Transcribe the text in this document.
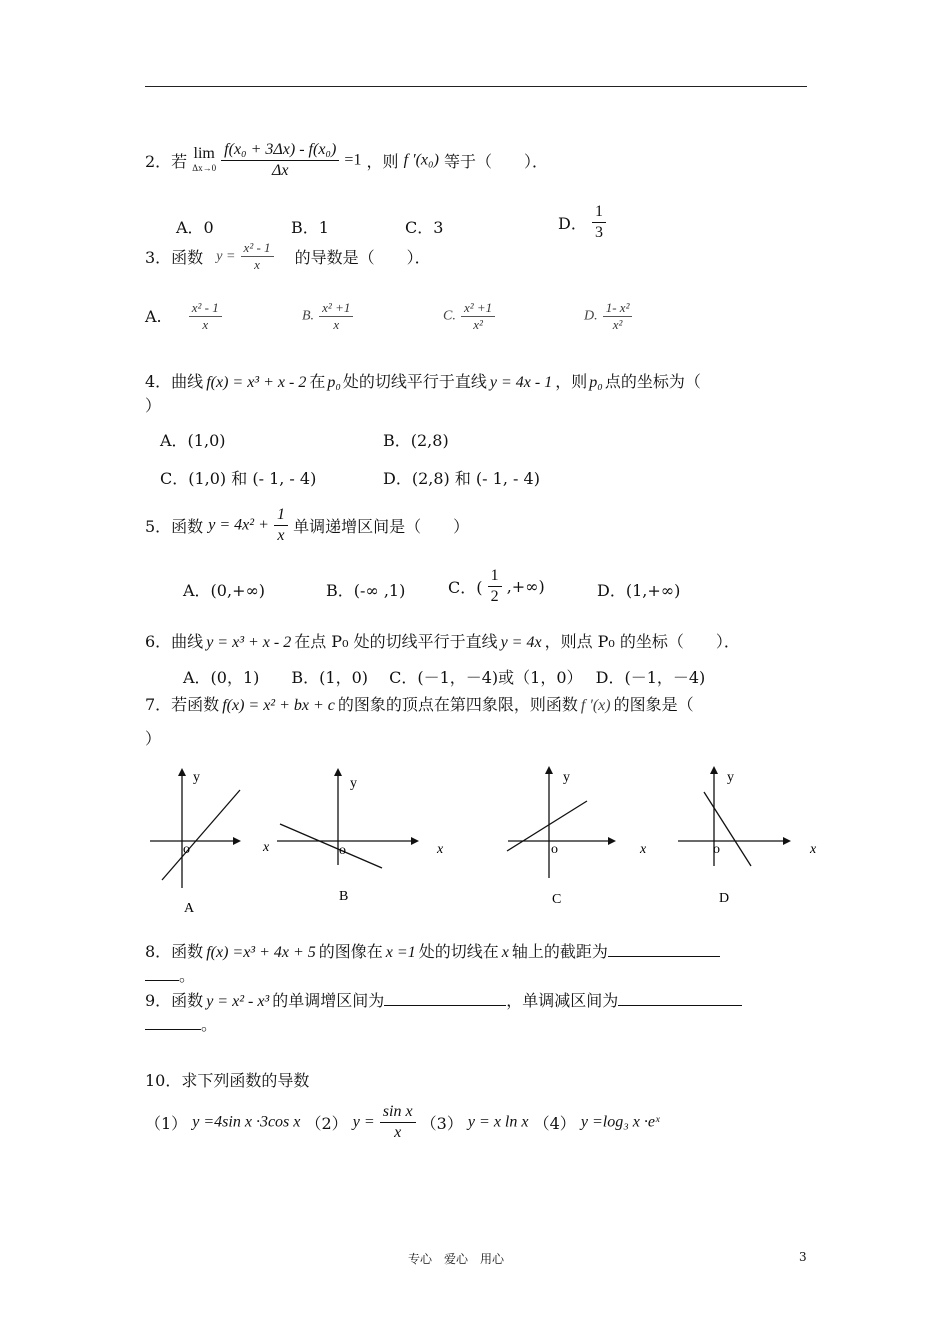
2．若 lim
Δx→0
$\frac{\text{f(x₀ + 3Δx) - f(x₀)}}{\Delta x} =1$ ，则 f ′(x₀) 等于（　　）．
A．0	B．1	C．3	D． $\frac{1}{3}$
3．函数 $y = \frac{\text{x² - 1}}{x}$ 的导数是（　　）．
A. $\frac{\text{x² - 1}}{x}$	B. $\frac{\text{x² +1}}{x}$	C. $\frac{\text{x² +1}}{\text{x²}}$	D. $\frac{\text{1- x²}}{\text{x²}}$
4．曲线 f(x) = x³ + x - 2 在 p₀ 处的切线平行于直线 y = 4x - 1 ，则 p₀ 点的坐标为（
）
A．(1,0)	B．(2,8)
C．(1,0) 和 (- 1, - 4)	D．(2,8) 和 (- 1, - 4)
5．函数 $y = 4x^2 + \frac{1}{x}$ 单调递增区间是（　　）
A．(0,+∞)	B．(-∞ ,1)	C．( $\frac{1}{2}$ ,+∞)	D．(1,+∞)
6．曲线 y = x³ + x - 2 在点 P₀ 处的切线平行于直线 y = 4x ，则点 P₀ 的坐标（　　）．
A．(0，1)　　B．(1，0)　 C．(－1，－4)或（1，0）　 D．(－1，－4)
7．若函数 f(x) = x² + bx + c 的图象的顶点在第四象限，则函数 f ′(x) 的图象是（
）
y
o	x
A
y
o	x
B
y
o	x
C
y
o	x
D
8．函数 f(x) =x³ + 4x + 5 的图像在 x =1 处的切线在 x 轴上的截距为
。
9．函数 y = x² - x³ 的单调增区间为	，单调减区间为
。
10．求下列函数的导数
（1） y =4sin x ·3cos x （2） $y = \frac{\text{sin x}}{x} (3) y = x$ ln x （4） y =log₃ x ·eˣ
专心　爱心　用心	3
